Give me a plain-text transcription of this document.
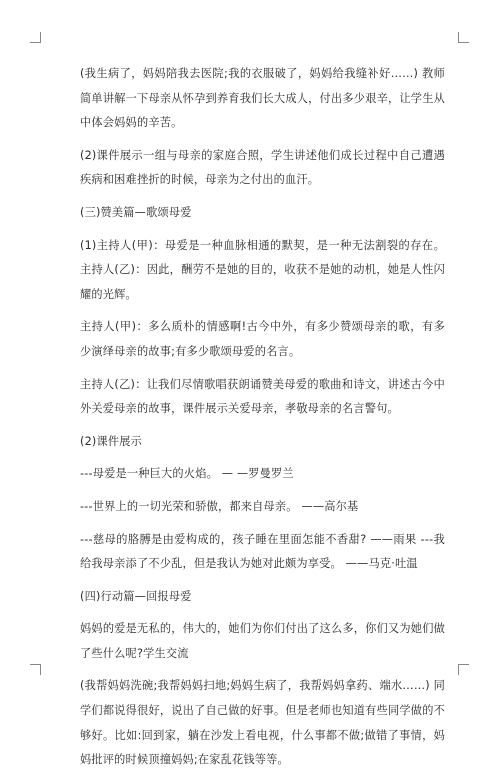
(我生病了，妈妈陪我去医院;我的衣服破了，妈妈给我缝补好……) 教师简单讲解一下母亲从怀孕到养育我们长大成人，付出多少艰辛，让学生从中体会妈妈的辛苦。

(2)课件展示一组与母亲的家庭合照，学生讲述他们成长过程中自己遭遇疾病和困难挫折的时候，母亲为之付出的血汗。

(三)赞美篇—歌颂母爱

(1)主持人(甲)：母爱是一种血脉相通的默契，是一种无法割裂的存在。 主持人(乙)：因此，酬劳不是她的目的，收获不是她的动机，她是人性闪耀的光辉。

主持人(甲)：多么质朴的情感啊!古今中外，有多少赞颂母亲的歌，有多少演绎母亲的故事;有多少歌颂母爱的名言。

主持人(乙)：让我们尽情歌唱获朗诵赞美母爱的歌曲和诗文，讲述古今中外关爱母亲的故事，课件展示关爱母亲，孝敬母亲的名言警句。

(2)课件展示

---母爱是一种巨大的火焰。 — —罗曼罗兰

---世界上的一切光荣和骄傲，都来自母亲。 ——高尔基

---慈母的胳膊是由爱构成的，孩子睡在里面怎能不香甜? ——雨果 ---我给我母亲添了不少乱，但是我认为她对此颇为享受。 ——马克·吐温

(四)行动篇—回报母爱

妈妈的爱是无私的，伟大的，她们为你们付出了这么多，你们又为她们做了些什么呢?学生交流

(我帮妈妈洗碗;我帮妈妈扫地;妈妈生病了，我帮妈妈拿药、端水……) 同学们都说得很好，说出了自己做的好事。但是老师也知道有些同学做的不够好。比如:回到家，躺在沙发上看电视，什么事都不做;做错了事情，妈妈批评的时候顶撞妈妈;在家乱花钱等等。
